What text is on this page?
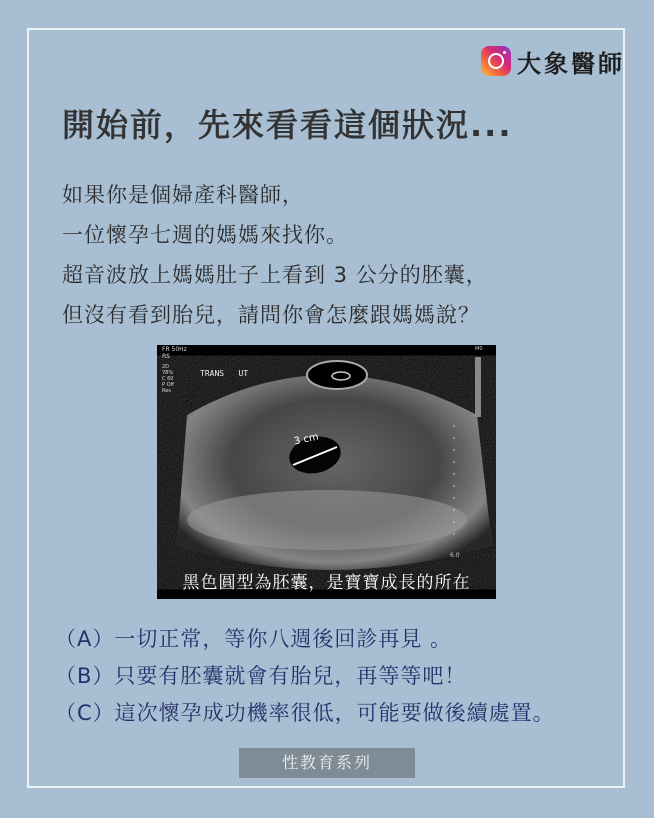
大象醫師
開始前，先來看看這個狀況...
如果你是個婦產科醫師，
一位懷孕七週的媽媽來找你。
超音波放上媽媽肚子上看到 3 公分的胚囊，
但沒有看到胎兒，請問你會怎麼跟媽媽說？
FR 50Hz
RS
2D
78%
C 60
P Off
Res
TRANS   UT
3 cm
6.0
M0
黑色圓型為胚囊，是寶寶成長的所在
（A）一切正常，等你八週後回診再見 。
（B）只要有胚囊就會有胎兒，再等等吧！
（C）這次懷孕成功機率很低，可能要做後續處置。
性教育系列
